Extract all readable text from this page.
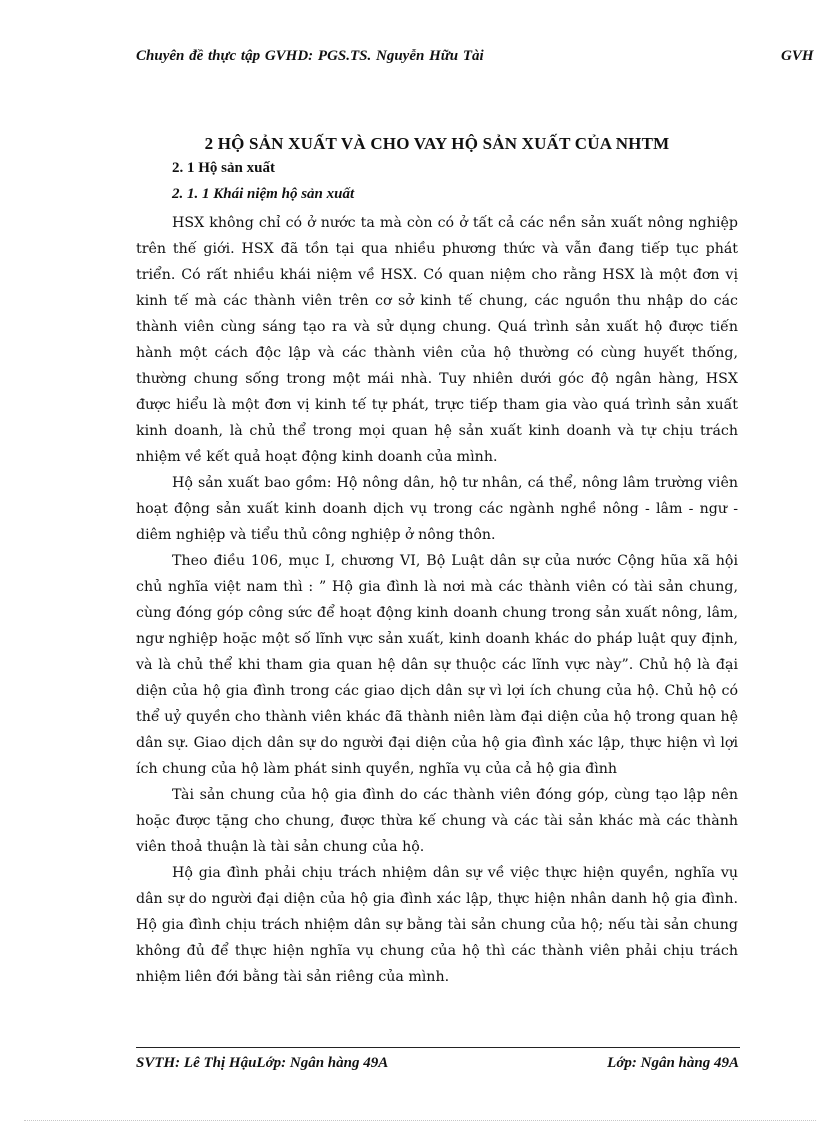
Chuyên đề thực tập GVHD: PGS.TS. Nguyễn Hữu Tài	GVH
2 HỘ SẢN XUẤT VÀ CHO VAY HỘ SẢN XUẤT CỦA NHTM
2. 1 Hộ sản xuất
2. 1. 1 Khái niệm hộ sản xuất

HSX không chỉ có ở nước ta mà còn có ở tất cả các nền sản xuất nông nghiệp trên thế giới. HSX đã tồn tại qua nhiều phương thức và vẫn đang tiếp tục phát triển. Có rất nhiều khái niệm về HSX. Có quan niệm cho rằng HSX là một đơn vị kinh tế mà các thành viên trên cơ sở kinh tế chung, các nguồn thu nhập do các thành viên cùng sáng tạo ra và sử dụng chung. Quá trình sản xuất hộ được tiến hành một cách độc lập và các thành viên của hộ thường có cùng huyết thống, thường chung sống trong một mái nhà. Tuy nhiên dưới góc độ ngân hàng, HSX được hiểu là một đơn vị kinh tế tự phát, trực tiếp tham gia vào quá trình sản xuất kinh doanh, là chủ thể trong mọi quan hệ sản xuất kinh doanh và tự chịu trách nhiệm về kết quả hoạt động kinh doanh của mình.

Hộ sản xuất bao gồm: Hộ nông dân, hộ tư nhân, cá thể, nông lâm trường viên hoạt động sản xuất kinh doanh dịch vụ trong các ngành nghề nông - lâm - ngư - diêm nghiệp và tiểu thủ công nghiệp ở nông thôn.

Theo điều 106, mục I, chương VI, Bộ Luật dân sự của nước Cộng hũa xã hội chủ nghĩa việt nam thì : ” Hộ gia đình là nơi mà các thành viên có tài sản chung, cùng đóng góp công sức để hoạt động kinh doanh chung trong sản xuất nông, lâm, ngư nghiệp hoặc một số lĩnh vực sản xuất, kinh doanh khác do pháp luật quy định, và là chủ thể khi tham gia quan hệ dân sự thuộc các lĩnh vực này”. Chủ hộ là đại diện của hộ gia đình trong các giao dịch dân sự vì lợi ích chung của hộ. Chủ hộ có thể uỷ quyền cho thành viên khác đã thành niên làm đại diện của hộ trong quan hệ dân sự. Giao dịch dân sự do người đại diện của hộ gia đình xác lập, thực hiện vì lợi ích chung của hộ làm phát sinh quyền, nghĩa vụ của cả hộ gia đình

Tài sản chung của hộ gia đình do các thành viên đóng góp, cùng tạo lập nên hoặc được tặng cho chung, được thừa kế chung và các tài sản khác mà các thành viên thoả thuận là tài sản chung của hộ.

Hộ gia đình phải chịu trách nhiệm dân sự về việc thực hiện quyền, nghĩa vụ dân sự do người đại diện của hộ gia đình xác lập, thực hiện nhân danh hộ gia đình. Hộ gia đình chịu trách nhiệm dân sự bằng tài sản chung của hộ; nếu tài sản chung không đủ để thực hiện nghĩa vụ chung của hộ thì các thành viên phải chịu trách nhiệm liên đới bằng tài sản riêng của mình.

SVTH: Lê Thị HậuLớp: Ngân hàng 49A	Lớp: Ngân hàng 49A
